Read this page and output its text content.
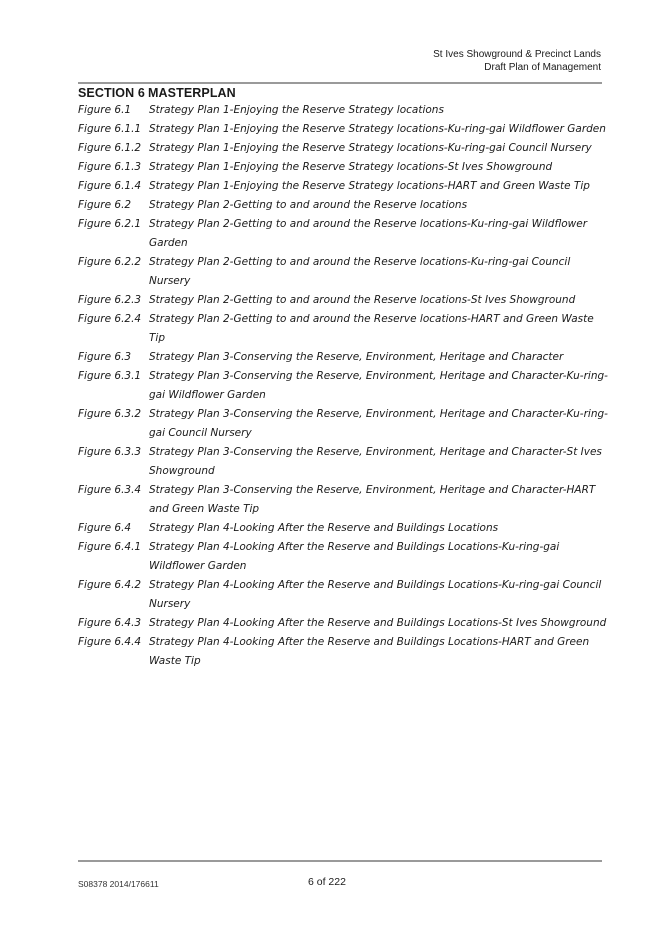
St Ives Showground & Precinct Lands
Draft Plan of Management
SECTION 6 MASTERPLAN
Figure 6.1	Strategy Plan 1-Enjoying the Reserve Strategy locations
Figure 6.1.1 Strategy Plan 1-Enjoying the Reserve Strategy locations-Ku-ring-gai Wildflower Garden
Figure 6.1.2 Strategy Plan 1-Enjoying the Reserve Strategy locations-Ku-ring-gai Council Nursery
Figure 6.1.3 Strategy Plan 1-Enjoying the Reserve Strategy locations-St Ives Showground
Figure 6.1.4 Strategy Plan 1-Enjoying the Reserve Strategy locations-HART and Green Waste Tip
Figure 6.2	Strategy Plan 2-Getting to and around the Reserve locations
Figure 6.2.1 Strategy Plan 2-Getting to and around the Reserve locations-Ku-ring-gai Wildflower Garden
Figure 6.2.2 Strategy Plan 2-Getting to and around the Reserve locations-Ku-ring-gai Council Nursery
Figure 6.2.3 Strategy Plan 2-Getting to and around the Reserve locations-St Ives Showground
Figure 6.2.4 Strategy Plan 2-Getting to and around the Reserve locations-HART and Green Waste Tip
Figure 6.3	Strategy Plan 3-Conserving the Reserve, Environment, Heritage and Character
Figure 6.3.1 Strategy Plan 3-Conserving the Reserve, Environment, Heritage and Character-Ku-ring-gai Wildflower Garden
Figure 6.3.2 Strategy Plan 3-Conserving the Reserve, Environment, Heritage and Character-Ku-ring-gai Council Nursery
Figure 6.3.3 Strategy Plan 3-Conserving the Reserve, Environment, Heritage and Character-St Ives Showground
Figure 6.3.4 Strategy Plan 3-Conserving the Reserve, Environment, Heritage and Character-HART and Green Waste Tip
Figure 6.4	Strategy Plan 4-Looking After the Reserve and Buildings Locations
Figure 6.4.1 Strategy Plan 4-Looking After the Reserve and Buildings Locations-Ku-ring-gai Wildflower Garden
Figure 6.4.2 Strategy Plan 4-Looking After the Reserve and Buildings Locations-Ku-ring-gai Council Nursery
Figure 6.4.3 Strategy Plan 4-Looking After the Reserve and Buildings Locations-St Ives Showground
Figure 6.4.4 Strategy Plan 4-Looking After the Reserve and Buildings Locations-HART and Green Waste Tip
S08378 2014/176611	6 of 222
